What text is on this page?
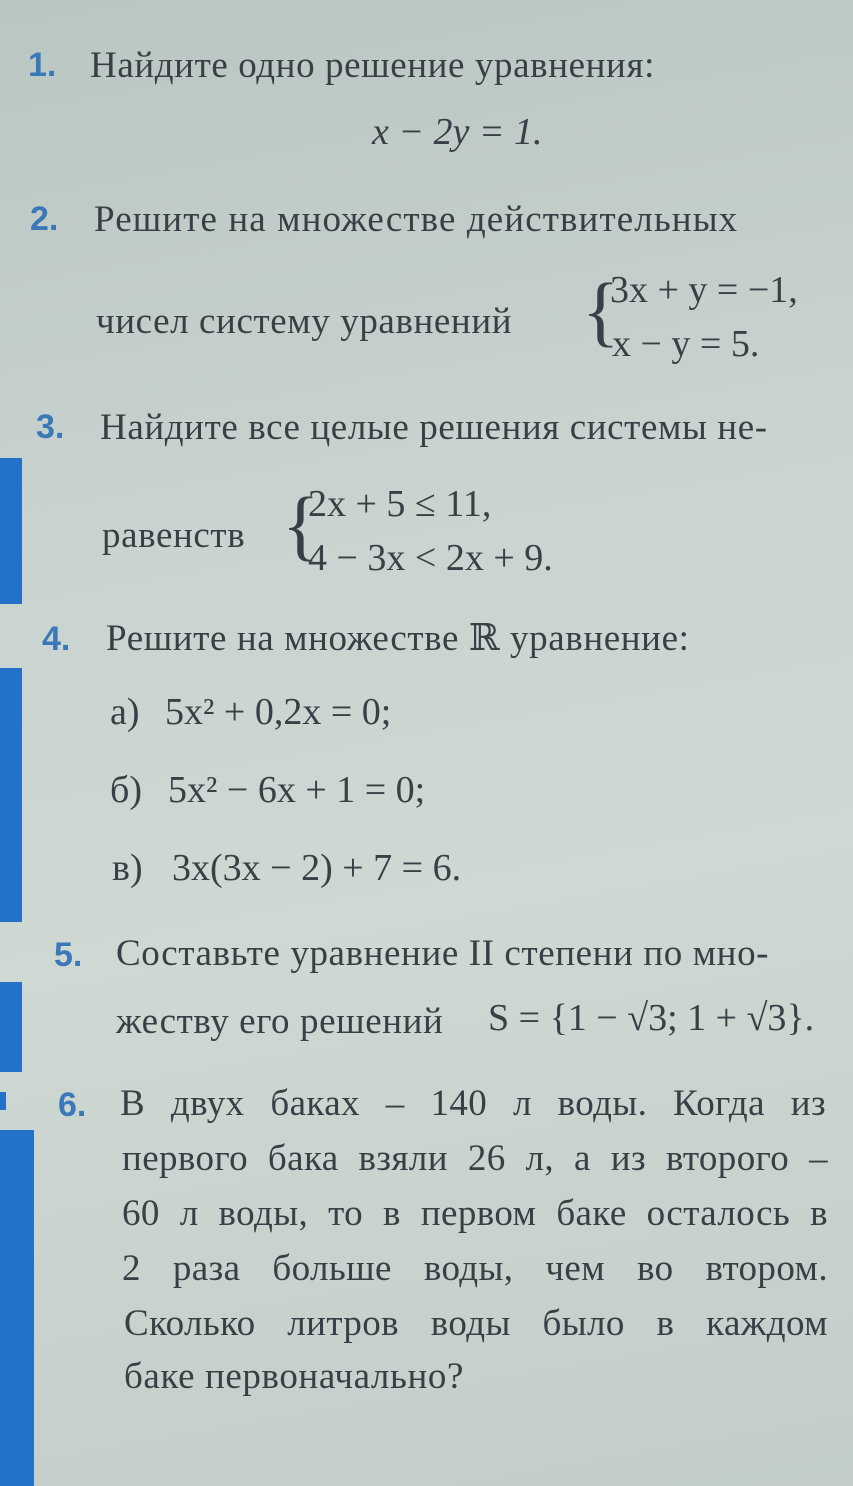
1. Найдите одно решение уравнения:
x − 2y = 1.
2. Решите на множестве действительных
чисел систему уравнений {
3x + y = −1,
x − y = 5.
3. Найдите все целые решения системы не-
равенств {
2x + 5 ≤ 11,
4 − 3x < 2x + 9.
4. Решите на множестве ℝ уравнение:
а) 5x² + 0,2x = 0;
б) 5x² − 6x + 1 = 0;
в) 3x(3x − 2) + 7 = 6.
5. Составьте уравнение II степени по мно-
жеству его решений S = {1 − √3; 1 + √3}.
6. В двух баках – 140 л воды. Когда из
первого бака взяли 26 л, а из второго –
60 л воды, то в первом баке осталось в
2 раза больше воды, чем во втором.
Сколько литров воды было в каждом
баке первоначально?
